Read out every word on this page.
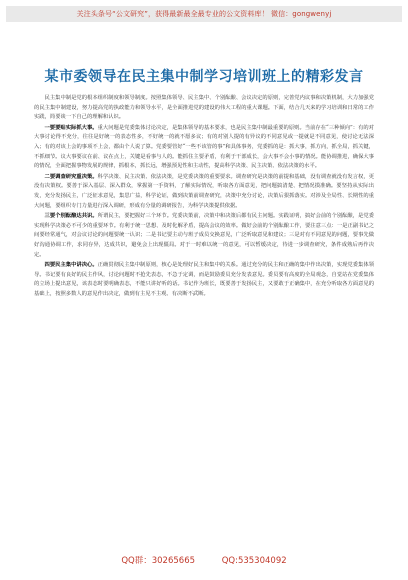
关注头条号“公文研究”，获得最新最全最专业的公文资料库！ 微信：gongwenyj
某市委领导在民主集中制学习培训班上的精彩发言

民主集中制是党的根本组织制度和领导制度。按照集体领导、民主集中、个别酝酿、会议决定的原则，完善党内议事和决策机制，大力加强党的民主集中制建设，努力提高党的执政能力和领导水平，是全面推进党的建设的伟大工程的重大课题。下面，结合几天来的学习培训和日常的工作实践，简要谈一下自己的理解和认识。

一要要贴实际抓大事。重大问题是党委集体讨论决定，是集体领导的基本要求，也是民主集中制最重要的原则。当前存在“三种倾向”：有的对大事讨论得不充分，往往是好统一的表态性多，不好统一的就不愿多议；有的对别人提的有异议的不同意见或一提就是不同意见，使讨论无法深入；有的对该上会的事项不上会，都由个人说了算。党委要管好“一些不该管的事”和具体事务，党委抓的是：抓大事，抓方向，抓全局，抓关键，不抓细节。议大事要议在前、议在点上，关键是看事与人的。能抓住主要矛盾，有利于干部成长，会大事不会小事的情况。能协调推进，确保大事的情况，全面把握事物发展的规律，抓根本，抓长远，增强预见性和主动性，提高科学决策、民主决策、依法决策的水平。

二要调查研究重决策。科学决策、民主决策、依法决策，是党委决策的重要要求。调查研究是决策的前提和基础，没有调查就没有发言权，更没有决策权。要善于深入基层、深入群众，掌握第一手资料，了解实际情况，听取各方面意见，把问题搞清楚、把情况摸准确。要坚持从实际出发，充分发扬民主，广泛征求意见，集思广益，科学论证，做到决策前调查研究，决策中充分讨论，决策后狠抓落实。对涉及全局性、长期性的重大问题，要组织专门力量进行深入调研，形成有分量的调研报告，为科学决策提供依据。

三要个别酝酿达共识。所谓民主，要把握好三个环节。党委决策前，决策中和决策后都有民主问题。实践证明，搞好会前的个别酝酿，是党委实现科学决策必不可少的重要环节。有利于统一思想、及时化解矛盾，提高会议的效率。做好会前的个别酝酿工作，要注意三点：一是正副书记之间要经常通气，对会议讨论的问题要统一认识；二是书记要主动与班子成员交换意见，广泛听取意见和建议；三是对有不同意见的问题，要事先做好沟通协调工作，求同存异，达成共识，避免会上出现僵局。对于一时难以统一的意见，可以暂缓决定，待进一步调查研究，条件成熟后再作决定。

四要民主集中讲决心。正确贯彻民主集中制原则，核心是处理好民主和集中的关系。通过充分的民主和正确的集中作出决策，实现党委集体领导。书记要有良好的民主作风，讨论问题时不抢先表态，不急于定调，而是鼓励委员充分发表意见。委员要有高度的全局观念，自觉站在党委集体的立场上提出意见，该表态时要明确表态，不能只讲好听的话。书记作为班长，既要善于发扬民主，又要敢于正确集中，在充分听取各方面意见的基础上，按照多数人的意见作出决定，做到有主见不主观、有决断不武断。

QQ群：30265665	QQ:535304092
